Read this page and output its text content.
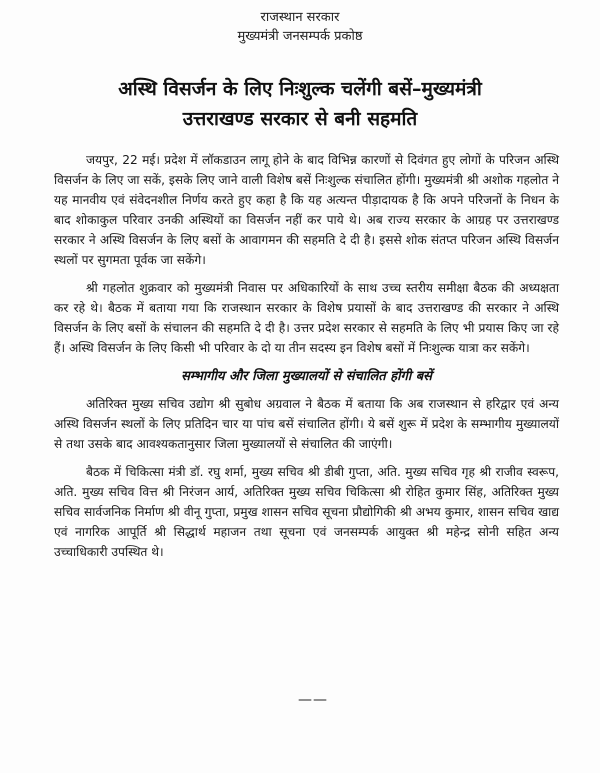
राजस्थान सरकार
मुख्यमंत्री जनसम्पर्क प्रकोष्ठ
अस्थि विसर्जन के लिए निःशुल्क चलेंगी बसें–मुख्यमंत्री
उत्तराखण्ड सरकार से बनी सहमति

जयपुर, 22 मई। प्रदेश में लॉकडाउन लागू होने के बाद विभिन्न कारणों से दिवंगत हुए लोगों के परिजन अस्थि विसर्जन के लिए जा सकें, इसके लिए जाने वाली विशेष बसें निःशुल्क संचालित होंगी। मुख्यमंत्री श्री अशोक गहलोत ने यह मानवीय एवं संवेदनशील निर्णय करते हुए कहा है कि यह अत्यन्त पीड़ादायक है कि अपने परिजनों के निधन के बाद शोकाकुल परिवार उनकी अस्थियों का विसर्जन नहीं कर पाये थे। अब राज्य सरकार के आग्रह पर उत्तराखण्ड सरकार ने अस्थि विसर्जन के लिए बसों के आवागमन की सहमति दे दी है। इससे शोक संतप्त परिजन अस्थि विसर्जन स्थलों पर सुगमता पूर्वक जा सकेंगे।

श्री गहलोत शुक्रवार को मुख्यमंत्री निवास पर अधिकारियों के साथ उच्च स्तरीय समीक्षा बैठक की अध्यक्षता कर रहे थे। बैठक में बताया गया कि राजस्थान सरकार के विशेष प्रयासों के बाद उत्तराखण्ड की सरकार ने अस्थि विसर्जन के लिए बसों के संचालन की सहमति दे दी है। उत्तर प्रदेश सरकार से सहमति के लिए भी प्रयास किए जा रहे हैं। अस्थि विसर्जन के लिए किसी भी परिवार के दो या तीन सदस्य इन विशेष बसों में निःशुल्क यात्रा कर सकेंगे।

सम्भागीय और जिला मुख्यालयों से संचालित होंगी बसें

अतिरिक्त मुख्य सचिव उद्योग श्री सुबोध अग्रवाल ने बैठक में बताया कि अब राजस्थान से हरिद्वार एवं अन्य अस्थि विसर्जन स्थलों के लिए प्रतिदिन चार या पांच बसें संचालित होंगी। ये बसें शुरू में प्रदेश के सम्भागीय मुख्यालयों से तथा उसके बाद आवश्यकतानुसार जिला मुख्यालयों से संचालित की जाएंगी।

बैठक में चिकित्सा मंत्री डॉ. रघु शर्मा, मुख्य सचिव श्री डीबी गुप्ता, अति. मुख्य सचिव गृह श्री राजीव स्वरूप, अति. मुख्य सचिव वित्त श्री निरंजन आर्य, अतिरिक्त मुख्य सचिव चिकित्सा श्री रोहित कुमार सिंह, अतिरिक्त मुख्य सचिव सार्वजनिक निर्माण श्री वीनू गुप्ता, प्रमुख शासन सचिव सूचना प्रौद्योगिकी श्री अभय कुमार, शासन सचिव खाद्य एवं नागरिक आपूर्ति श्री सिद्धार्थ महाजन तथा सूचना एवं जनसम्पर्क आयुक्त श्री महेन्द्र सोनी सहित अन्य उच्चाधिकारी उपस्थित थे।

——
